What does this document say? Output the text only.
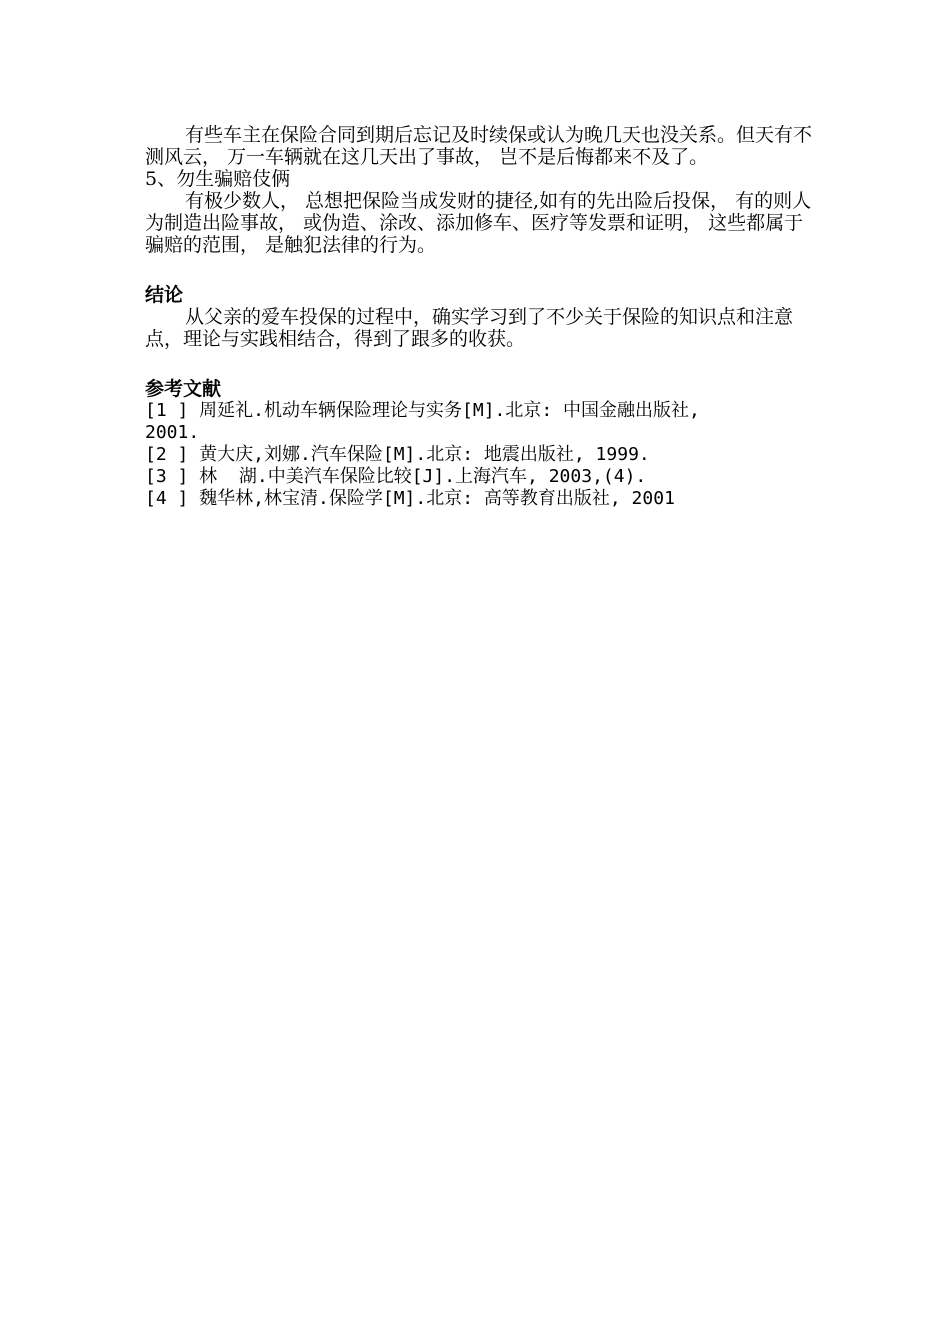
有些车主在保险合同到期后忘记及时续保或认为晚几天也没关系。但天有不测风云， 万一车辆就在这几天出了事故， 岂不是后悔都来不及了。

5、勿生骗赔伎俩

有极少数人， 总想把保险当成发财的捷径,如有的先出险后投保， 有的则人为制造出险事故， 或伪造、涂改、添加修车、医疗等发票和证明， 这些都属于骗赔的范围， 是触犯法律的行为。

结论

从父亲的爱车投保的过程中，确实学习到了不少关于保险的知识点和注意点，理论与实践相结合，得到了跟多的收获。

参考文献

[1 ] 周延礼.机动车辆保险理论与实务[M].北京: 中国金融出版社,

2001.

[2 ] 黄大庆,刘娜.汽车保险[M].北京: 地震出版社, 1999.

[3 ] 林  湖.中美汽车保险比较[J].上海汽车, 2003,(4).

[4 ] 魏华林,林宝清.保险学[M].北京: 高等教育出版社, 2001
